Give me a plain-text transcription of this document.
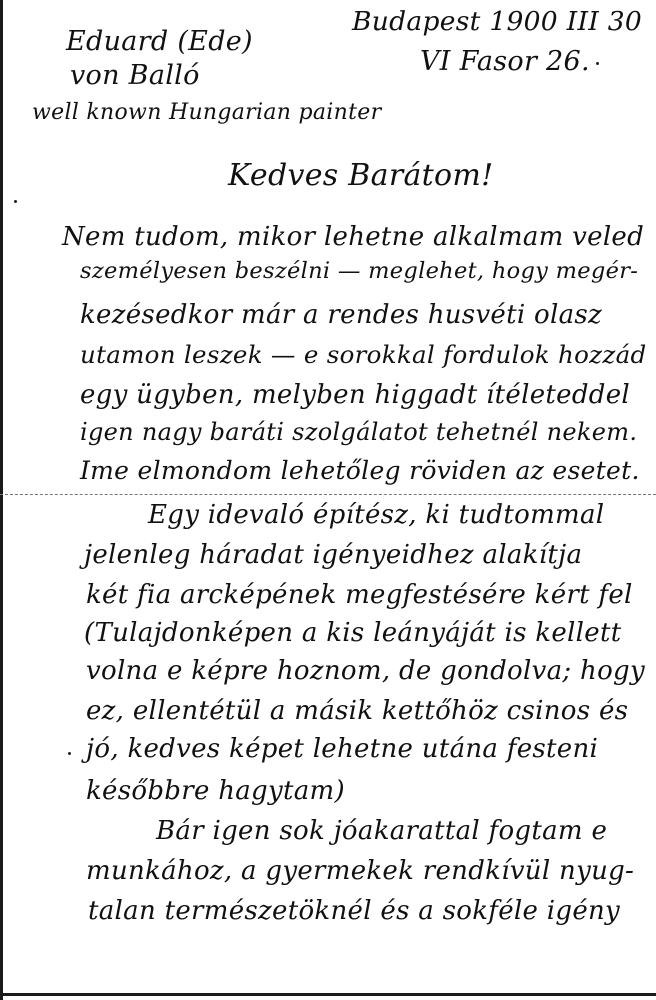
Eduard (Ede)
von Balló
well known Hungarian painter
Budapest 1900 III 30
VI Fasor 26.
Kedves Barátom!
Nem tudom, mikor lehetne alkalmam veled
személyesen beszélni — meglehet, hogy megér-
kezésedkor már a rendes husvéti olasz
utamon leszek — e sorokkal fordulok hozzád
egy ügyben, melyben higgadt ítéleteddel
igen nagy baráti szolgálatot tehetnél nekem.
Ime elmondom lehetőleg röviden az esetet.
Egy idevaló építész, ki tudtommal
jelenleg háradat igényeidhez alakítja
két fia arcképének megfestésére kért fel
(Tulajdonképen a kis leányáját is kellett
volna e képre hoznom, de gondolva; hogy
ez, ellentétül a másik kettőhöz csinos és
jó, kedves képet lehetne utána festeni
későbbre hagytam)
Bár igen sok jóakarattal fogtam e
munkához, a gyermekek rendkívül nyug-
talan természetöknél és a sokféle igény
